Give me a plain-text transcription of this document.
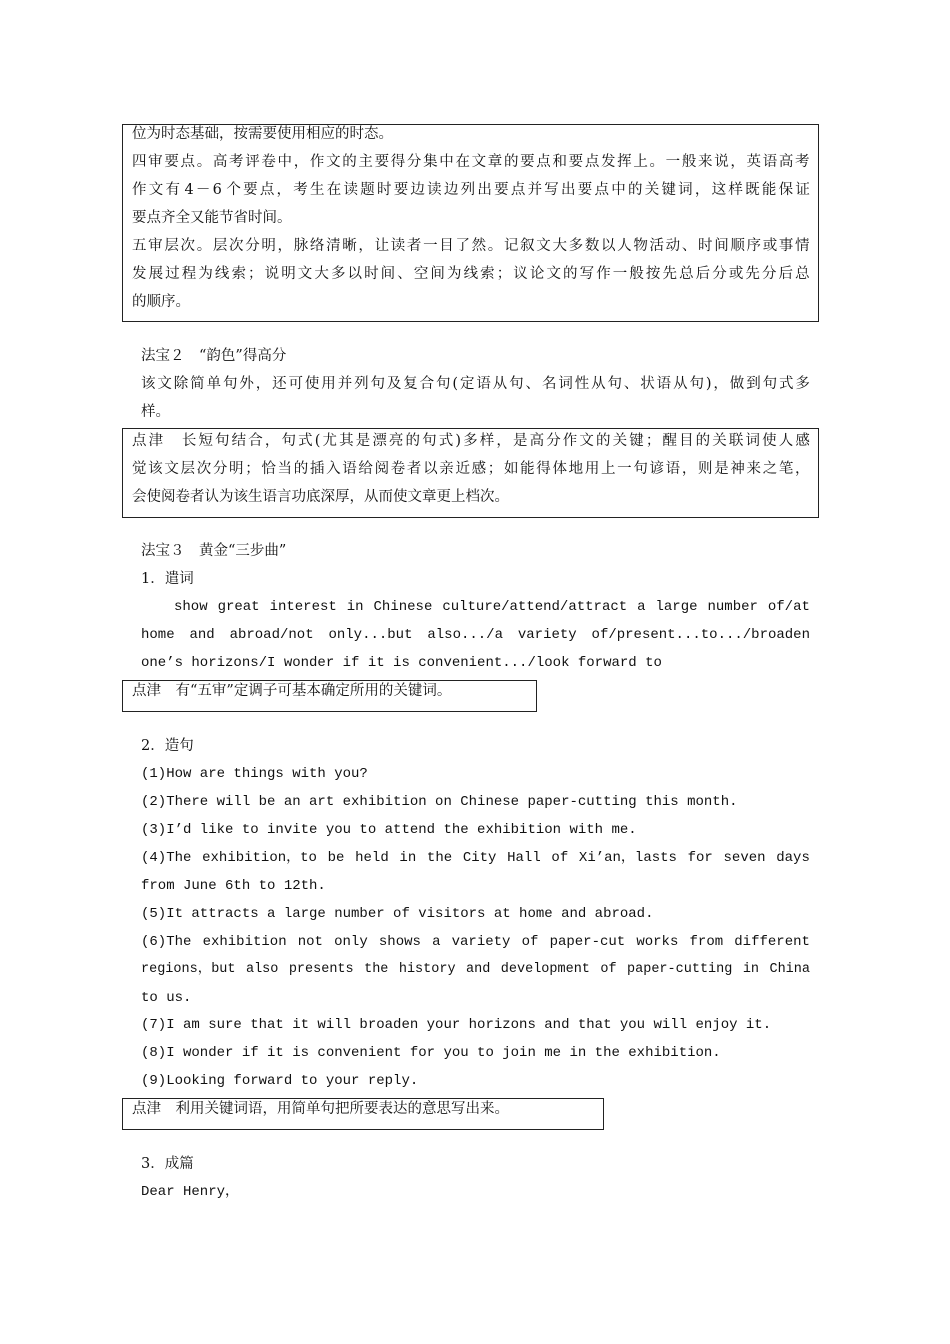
位为时态基础，按需要使用相应的时态。
四 审 要 点 。 高 考 评 卷 中 ， 作 文 的 主 要 得 分 集 中 在 文 章 的 要 点 和 要 点 发 挥 上 。 一 般 来 说 ， 英 语 高 考
作 文 有 4 － 6 个 要 点 ， 考 生 在 读 题 时 要 边 读 边 列 出 要 点 并 写 出 要 点 中 的 关 键 词 ， 这 样 既 能 保 证
要点齐全又能节省时间。
五 审 层 次 。 层 次 分 明 ， 脉 络 清 晰 ， 让 读 者 一 目 了 然 。 记 叙 文 大 多 数 以 人 物 活 动 、 时 间 顺 序 或 事 情
发 展 过 程 为 线 索 ； 说 明 文 大 多 以 时 间 、 空 间 为 线 索 ； 议 论 文 的 写 作 一 般 按 先 总 后 分 或 先 分 后 总
的顺序。
法宝２　“韵色”得高分
该 文 除 简 单 句 外 ， 还 可 使 用 并 列 句 及 复 合 句 ( 定 语 从 句 、 名 词 性 从 句 、 状 语 从 句 ) ， 做 到 句 式 多
样。
点 津
　 长 短 句 结 合 ， 句 式 ( 尤 其 是 漂 亮 的 句 式 ) 多 样 ， 是 高 分 作 文 的 关 键 ； 醒 目 的 关 联 词 使 人 感
觉 该 文 层 次 分 明 ； 恰 当 的 插 入 语 给 阅 卷 者 以 亲 近 感 ； 如 能 得 体 地 用 上 一 句 谚 语 ， 则 是 神 来 之 笔 ，
会使阅卷者认为该生语言功底深厚，从而使文章更上档次。
法宝３　黄金“三步曲”
1．遣词
show great interest in Chinese culture/attend/attract a large number of/at
home and abroad/not only...but also.../a variety of/present...to.../broaden
one’s horizons/I wonder if it is convenient.../look forward to
点津　有“五审”定调子可基本确定所用的关键词。
2．造句
(1)How are things with you?
(2)There will be an art exhibition on Chinese paper-cutting this month.
(3)I’d like to invite you to attend the exhibition with me.
(4)The exhibition，to be held in the City Hall of Xi’an，lasts for seven days
from June 6th to 12th.
(5)It attracts a large number of visitors at home and abroad.
(6)The exhibition not only shows a variety of paper-cut works from different
regions，but also presents the history and development of paper-cutting in China
to us.
(7)I am sure that it will broaden your horizons and that you will enjoy it.
(8)I wonder if it is convenient for you to join me in the exhibition.
(9)Looking forward to your reply.
点津　利用关键词语，用简单句把所要表达的意思写出来。
3．成篇
Dear Henry，
